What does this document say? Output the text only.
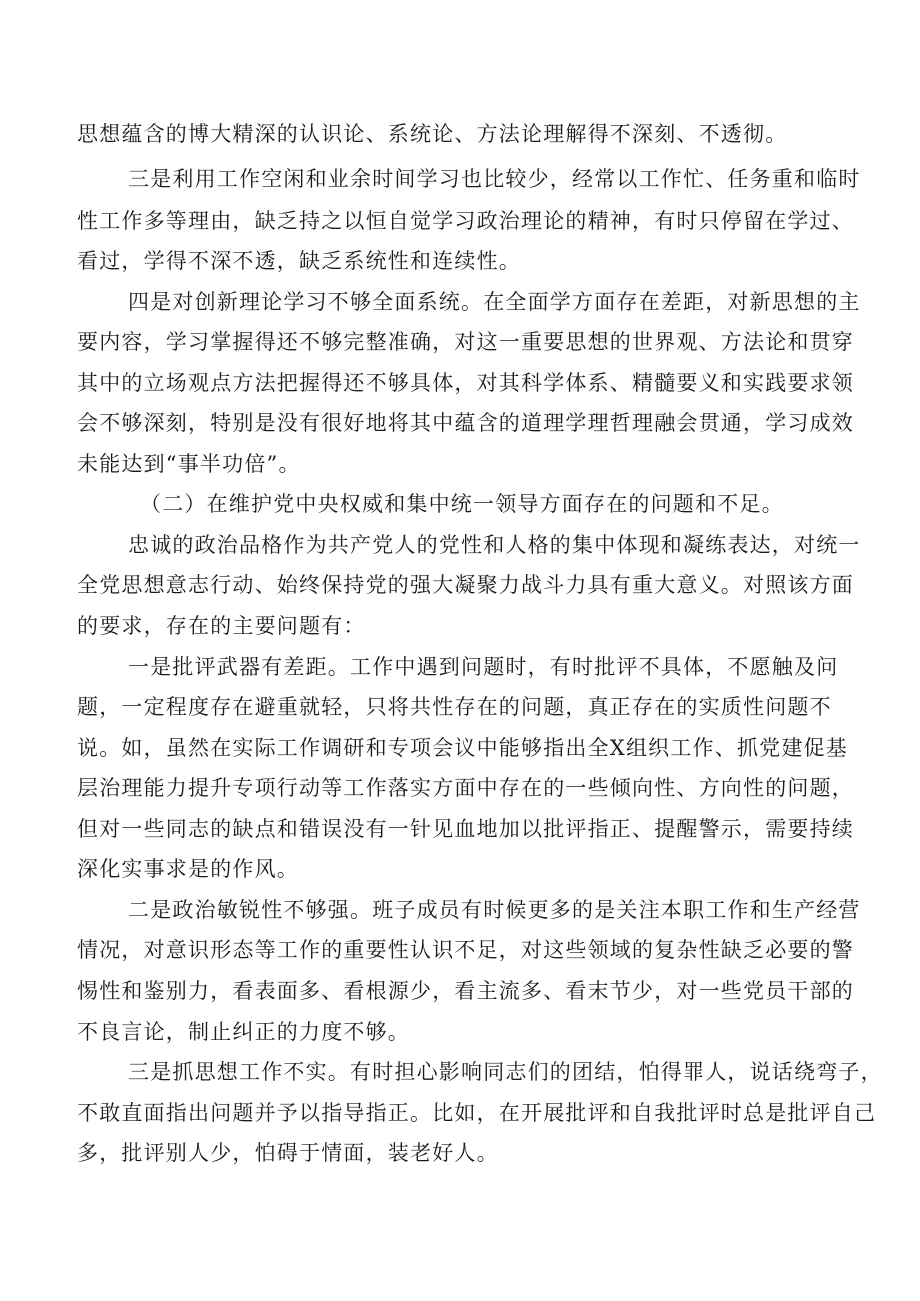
思想蕴含的博大精深的认识论、系统论、方法论理解得不深刻、不透彻。
三是利用工作空闲和业余时间学习也比较少，经常以工作忙、任务重和临时
性工作多等理由，缺乏持之以恒自觉学习政治理论的精神，有时只停留在学过、
看过，学得不深不透，缺乏系统性和连续性。
四是对创新理论学习不够全面系统。在全面学方面存在差距，对新思想的主
要内容，学习掌握得还不够完整准确，对这一重要思想的世界观、方法论和贯穿
其中的立场观点方法把握得还不够具体，对其科学体系、精髓要义和实践要求领
会不够深刻，特别是没有很好地将其中蕴含的道理学理哲理融会贯通，学习成效
未能达到“事半功倍”。
（二）在维护党中央权威和集中统一领导方面存在的问题和不足。
忠诚的政治品格作为共产党人的党性和人格的集中体现和凝练表达，对统一
全党思想意志行动、始终保持党的强大凝聚力战斗力具有重大意义。对照该方面
的要求，存在的主要问题有：
一是批评武器有差距。工作中遇到问题时，有时批评不具体，不愿触及问
题，一定程度存在避重就轻，只将共性存在的问题，真正存在的实质性问题不
说。如，虽然在实际工作调研和专项会议中能够指出全X组织工作、抓党建促基
层治理能力提升专项行动等工作落实方面中存在的一些倾向性、方向性的问题，
但对一些同志的缺点和错误没有一针见血地加以批评指正、提醒警示，需要持续
深化实事求是的作风。
二是政治敏锐性不够强。班子成员有时候更多的是关注本职工作和生产经营
情况，对意识形态等工作的重要性认识不足，对这些领域的复杂性缺乏必要的警
惕性和鉴别力，看表面多、看根源少，看主流多、看末节少，对一些党员干部的
不良言论，制止纠正的力度不够。
三是抓思想工作不实。有时担心影响同志们的团结，怕得罪人，说话绕弯子，
不敢直面指出问题并予以指导指正。比如，在开展批评和自我批评时总是批评自己
多，批评别人少，怕碍于情面，装老好人。
